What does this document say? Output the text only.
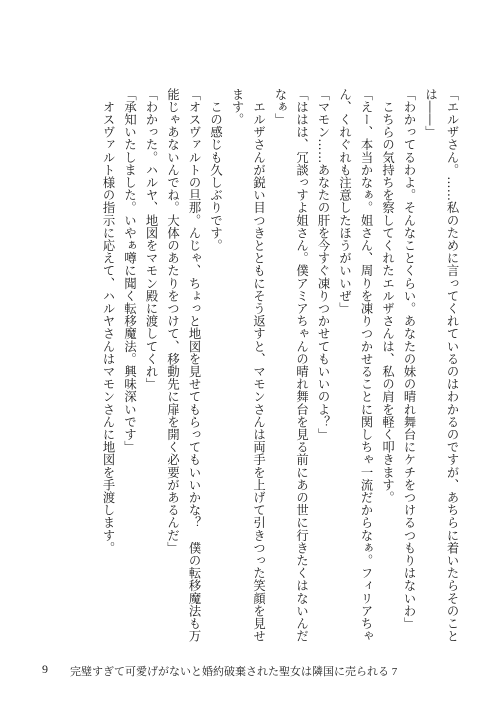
「エルザさん。……私のために言ってくれているのはわかるのですが、あちらに着いたらそのこと

は――」

「わかってるわよ。そんなことくらい。あなたの妹の晴れ舞台にケチをつけるつもりはないわ」

　こちらの気持ちを察してくれたエルザさんは、私の肩を軽く叩きます。

「えー、本当かなぁ。姐さん、周りを凍りつかせることに関しちゃ一流だからなぁ。フィリアちゃ

ん、くれぐれも注意したほうがいいぜ」

「マモン……あなたの肝を今すぐ凍りつかせてもいいのよ？」

「ははは、冗談っすよ姐さん。僕アミアちゃんの晴れ舞台を見る前にあの世に行きたくはないんだ

なぁ」

　エルザさんが鋭い目つきとともにそう返すと、マモンさんは両手を上げて引きつった笑顔を見せ

ます。

　この感じも久しぶりです。

「オスヴァルトの旦那。んじゃ、ちょっと地図を見せてもらってもいいかな？　僕の転移魔法も万

能じゃあないんでね。大体のあたりをつけて、移動先に扉を開く必要があるんだ」

「わかった。ハルヤ、地図をマモン殿に渡してくれ」

「承知いたしました。いやぁ噂に聞く転移魔法。興味深いです」

　オスヴァルト様の指示に応えて、ハルヤさんはマモンさんに地図を手渡します。

9 完璧すぎて可愛げがないと婚約破棄された聖女は隣国に売られる 7
